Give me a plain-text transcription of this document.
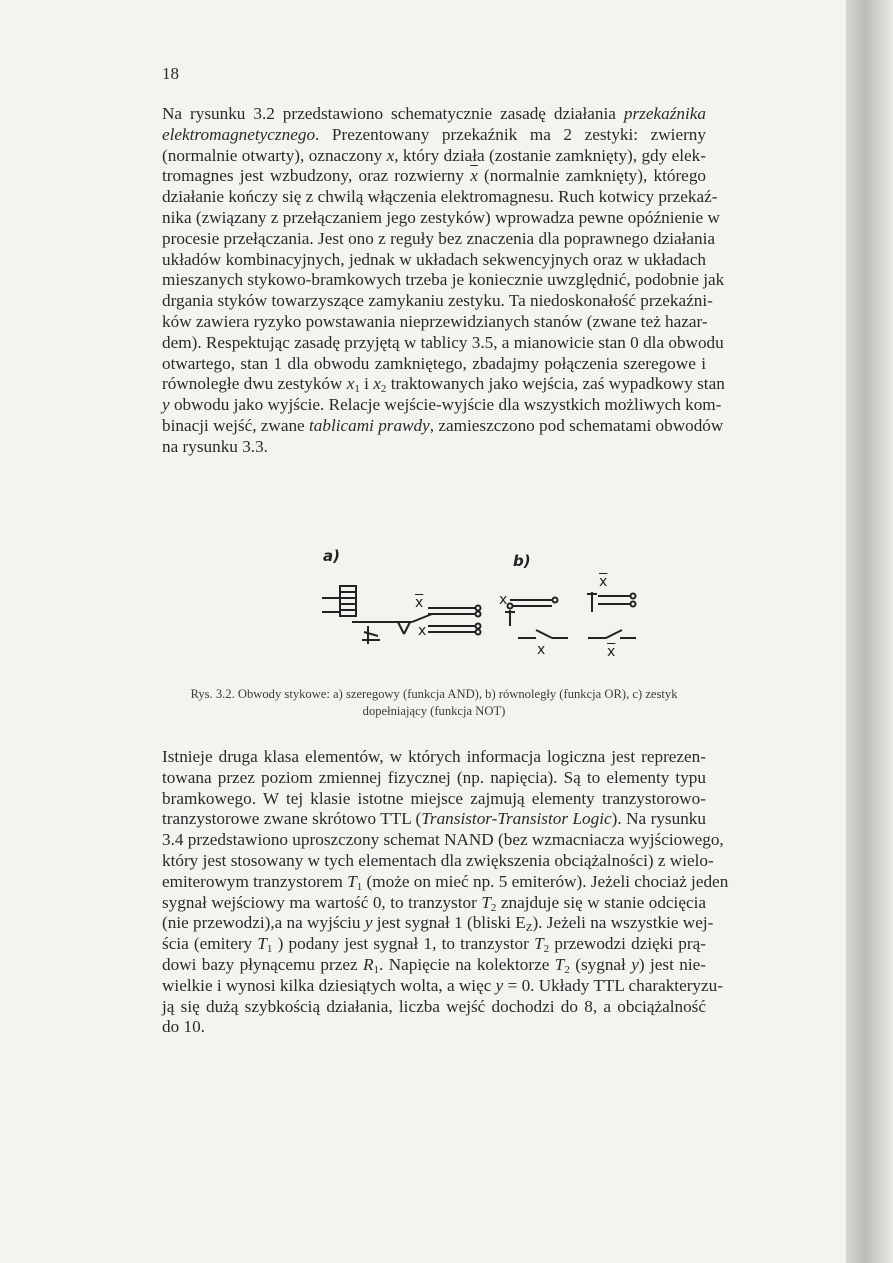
18
Na rysunku 3.2 przedstawiono schematycznie zasadę działania przekaźnika
elektromagnetycznego. Prezentowany przekaźnik ma 2 zestyki: zwierny
(normalnie otwarty), oznaczony x, który działa (zostanie zamknięty), gdy elek-
tromagnes jest wzbudzony, oraz rozwierny $\overline{x}$ (normalnie zamknięty), którego
działanie kończy się z chwilą włączenia elektromagnesu. Ruch kotwicy przekaź-
nika (związany z przełączaniem jego zestyków) wprowadza pewne opóźnienie w
procesie przełączania. Jest ono z reguły bez znaczenia dla poprawnego działania
układów kombinacyjnych, jednak w układach sekwencyjnych oraz w układach
mieszanych stykowo-bramkowych trzeba je koniecznie uwzględnić, podobnie jak
drgania styków towarzyszące zamykaniu zestyku. Ta niedoskonałość przekaźni-
ków zawiera ryzyko powstawania nieprzewidzianych stanów (zwane też hazar-
dem). Respektując zasadę przyjętą w tablicy 3.5, a mianowicie stan 0 dla obwodu
otwartego, stan 1 dla obwodu zamkniętego, zbadajmy połączenia szeregowe i
równoległe dwu zestyków $x_1$ i $x_2$ traktowanych jako wejścia, zaś wypadkowy stan
y obwodu jako wyjście. Relacje wejście-wyjście dla wszystkich możliwych kom-
binacji wejść, zwane tablicami prawdy, zamieszczono pod schematami obwodów
na rysunku 3.3.
a)	b)
$\overline{x}$
x
x
x
$\overline{x}$
$\overline{x}$
Rys. 3.2. Obwody stykowe: a) szeregowy (funkcja AND), b) równoległy (funkcja OR), c) zestyk
dopełniający (funkcja NOT)
Istnieje druga klasa elementów, w których informacja logiczna jest reprezen-
towana przez poziom zmiennej fizycznej (np. napięcia). Są to elementy typu
bramkowego. W tej klasie istotne miejsce zajmują elementy tranzystorowo-
tranzystorowe zwane skrótowo TTL (Transistor-Transistor Logic). Na rysunku
3.4 przedstawiono uproszczony schemat NAND (bez wzmacniacza wyjściowego,
który jest stosowany w tych elementach dla zwiększenia obciążalności) z wielo-
emiterowym tranzystorem $T_1$ (może on mieć np. 5 emiterów). Jeżeli chociaż jeden
sygnał wejściowy ma wartość 0, to tranzystor $T_2$ znajduje się w stanie odcięcia
(nie przewodzi),a na wyjściu y jest sygnał 1 (bliski $E_Z$). Jeżeli na wszystkie wej-
ścia (emitery $T_1$ ) podany jest sygnał 1, to tranzystor $T_2$ przewodzi dzięki prą-
dowi bazy płynącemu przez $R_1$. Napięcie na kolektorze $T_2$ (sygnał y) jest nie-
wielkie i wynosi kilka dziesiątych wolta, a więc y = 0. Układy TTL charakteryzu-
ją się dużą szybkością działania, liczba wejść dochodzi do 8, a obciążalność
do 10.
